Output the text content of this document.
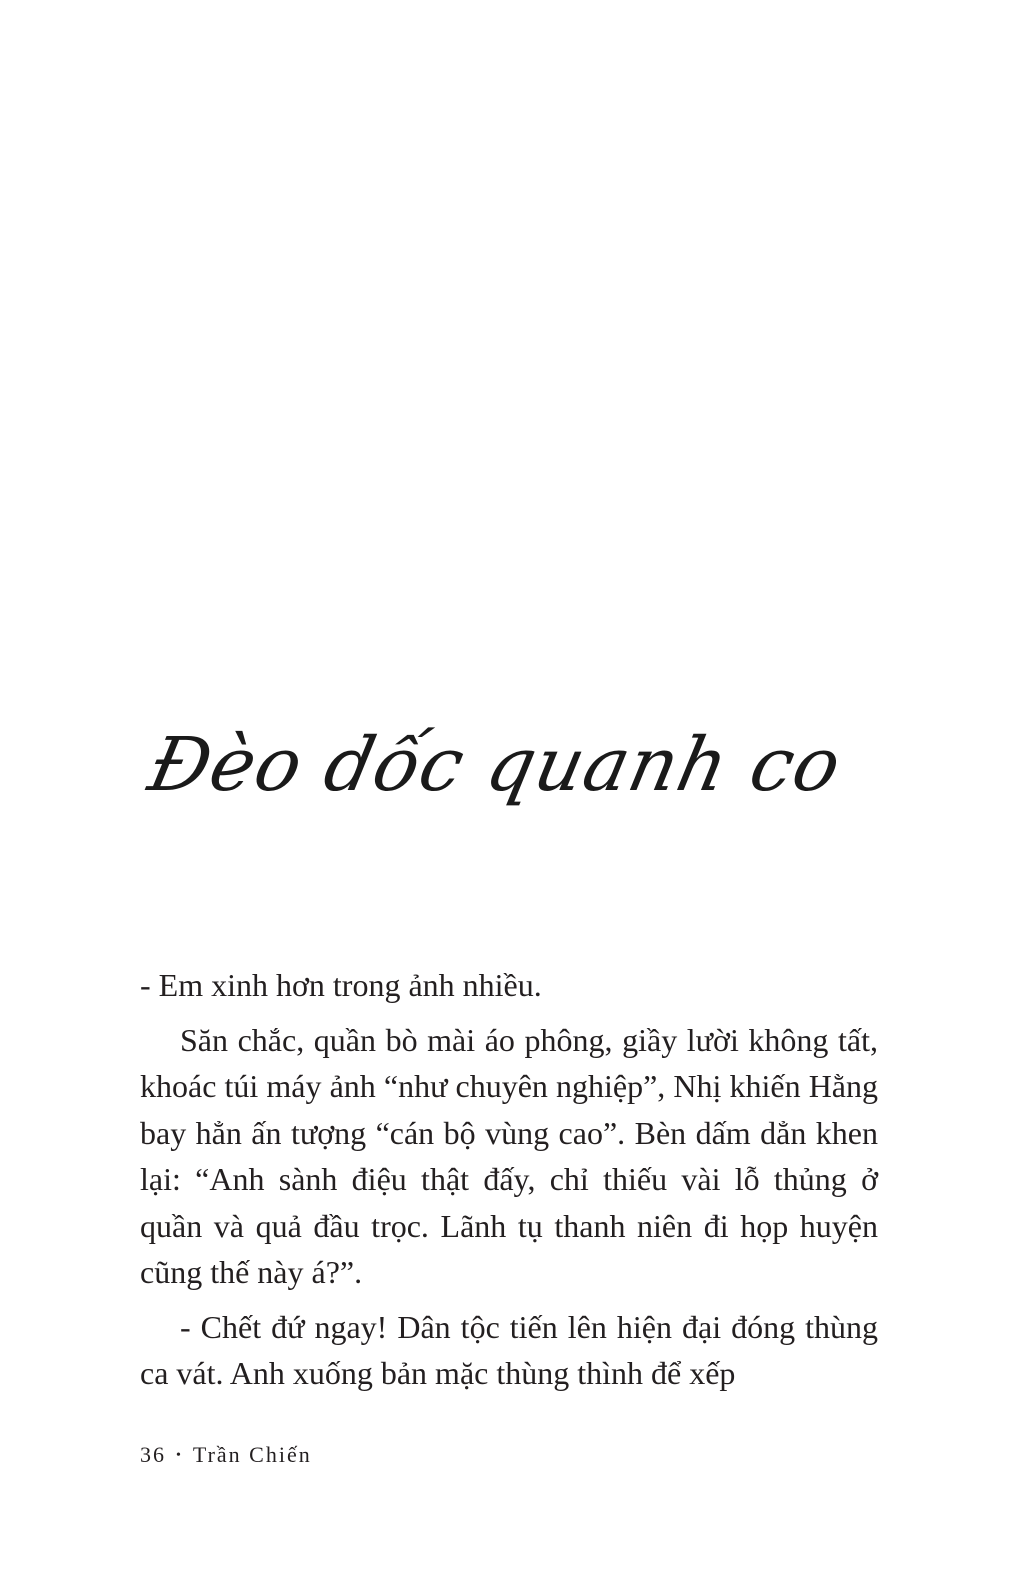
Đèo dốc quanh co

- Em xinh hơn trong ảnh nhiều.

Săn chắc, quần bò mài áo phông, giầy lười không tất, khoác túi máy ảnh “như chuyên nghiệp”, Nhị khiến Hằng bay hẳn ấn tượng “cán bộ vùng cao”. Bèn dấm dẳn khen lại: “Anh sành điệu thật đấy, chỉ thiếu vài lỗ thủng ở quần và quả đầu trọc. Lãnh tụ thanh niên đi họp huyện cũng thế này á?”.

- Chết đứ ngay! Dân tộc tiến lên hiện đại đóng thùng ca vát. Anh xuống bản mặc thùng thình để xếp

36 • Trần Chiến
